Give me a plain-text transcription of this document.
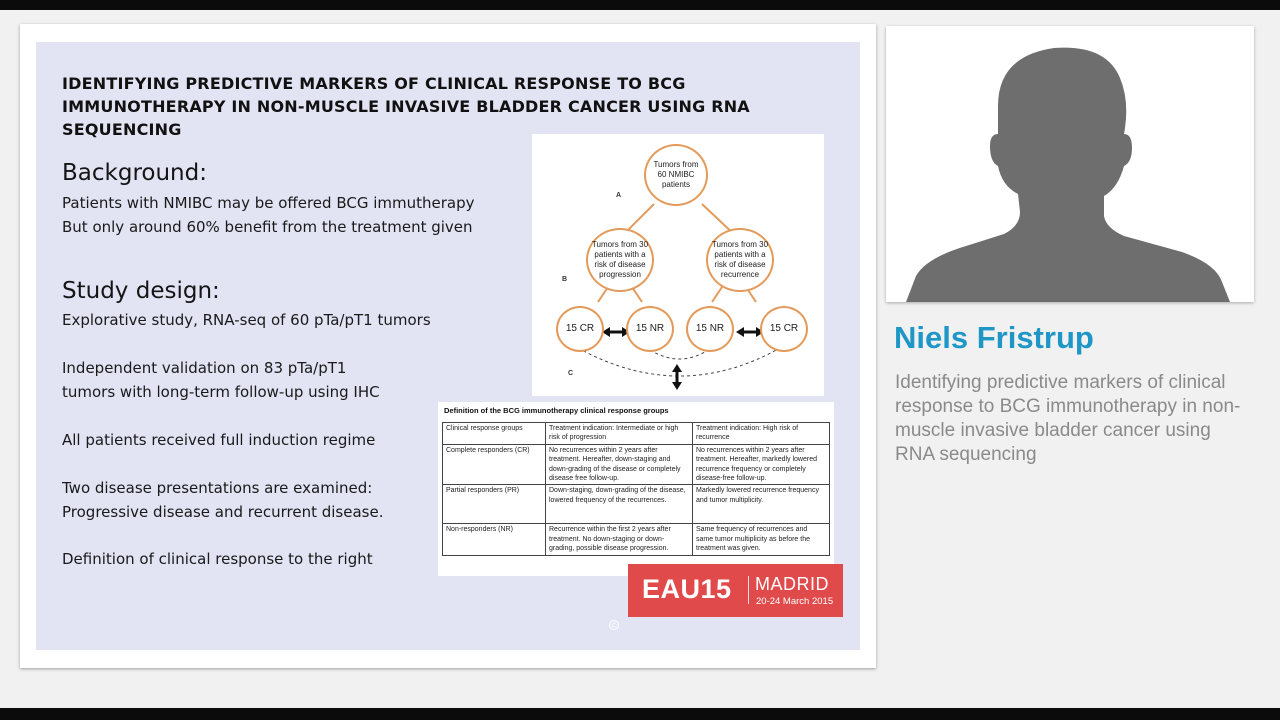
IDENTIFYING PREDICTIVE MARKERS OF CLINICAL RESPONSE TO BCG
IMMUNOTHERAPY IN NON-MUSCLE INVASIVE BLADDER CANCER USING RNA
SEQUENCING
Background:
Patients with NMIBC may be offered BCG immutherapy
But only around 60% benefit from the treatment given
Study design:
Explorative study, RNA-seq of 60 pTa/pT1 tumors
Independent validation on 83 pTa/pT1
tumors with long-term follow-up using IHC
All patients received full induction regime
Two disease presentations are examined:
Progressive disease and recurrent disease.
Definition of clinical response to the right
A
B
C
Tumors from 60 NMIBC patients
Tumors from 30 patients with a risk of disease progression
Tumors from 30 patients with a risk of disease recurrence
15 CR	15 NR	15 NR	15 CR
Definition of the BCG immunotherapy clinical response groups
Clinical response groups	Treatment indication: Intermediate or high risk of progression	Treatment indication: High risk of recurrence
Complete responders (CR)	No recurrences within 2 years after treatment. Hereafter, down-staging and down-grading of the disease or completely disease free follow-up.	No recurrences within 2 years after treatment. Hereafter, markedly lowered recurrence frequency or completely disease-free follow-up.
Partial responders (PR)	Down-staging, down-grading of the disease, lowered frequency of the recurrences.	Markedly lowered recurrence frequency and tumor multiplicity.
Non-responders (NR)	Recurrence within the first 2 years after treatment. No down-staging or down-grading, possible disease progression.	Same frequency of recurrences and same tumor multiplicity as before the treatment was given.
EAU15 MADRID
20-24 March 2015
©
Niels Fristrup
Identifying predictive markers of clinical
response to BCG immunotherapy in non-
muscle invasive bladder cancer using
RNA sequencing
